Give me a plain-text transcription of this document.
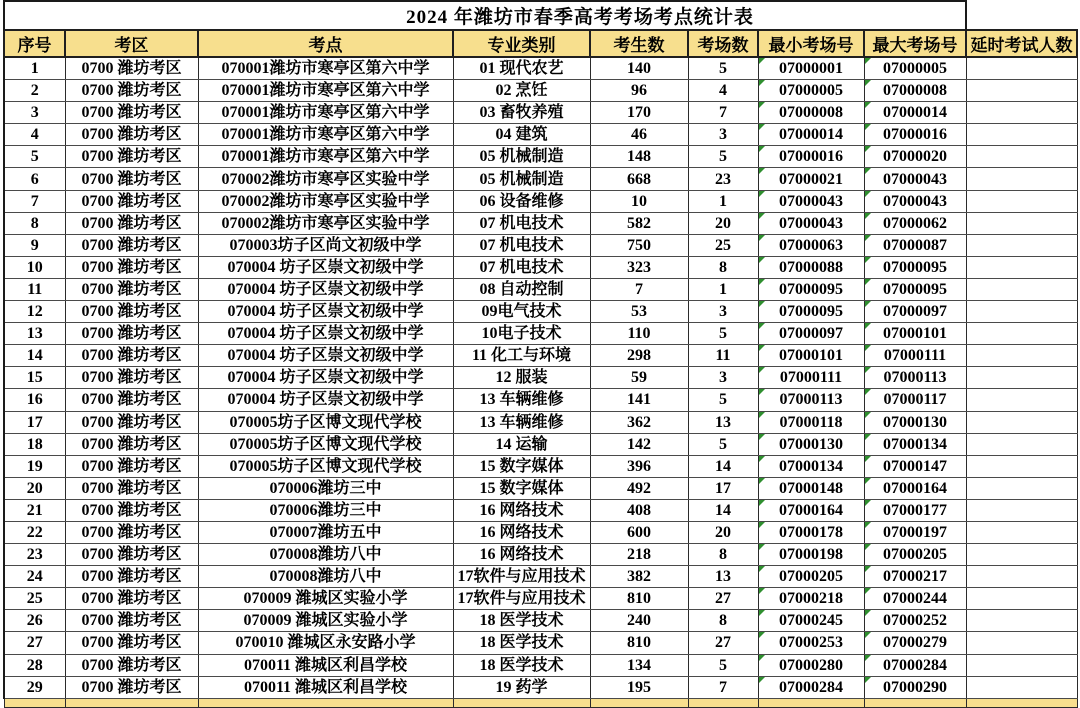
2024 年潍坊市春季高考考场考点统计表								
序号	考区	考点	专业类别	考生数	考场数	最小考场号	最大考场号	延时考试人数
1	0700 潍坊考区	070001潍坊市寒亭区第六中学	01 现代农艺	140	5	07000001	07000005	
2	0700 潍坊考区	070001潍坊市寒亭区第六中学	02 烹饪	96	4	07000005	07000008	
3	0700 潍坊考区	070001潍坊市寒亭区第六中学	03 畜牧养殖	170	7	07000008	07000014	
4	0700 潍坊考区	070001潍坊市寒亭区第六中学	04 建筑	46	3	07000014	07000016	
5	0700 潍坊考区	070001潍坊市寒亭区第六中学	05 机械制造	148	5	07000016	07000020	
6	0700 潍坊考区	070002潍坊市寒亭区实验中学	05 机械制造	668	23	07000021	07000043	
7	0700 潍坊考区	070002潍坊市寒亭区实验中学	06 设备维修	10	1	07000043	07000043	
8	0700 潍坊考区	070002潍坊市寒亭区实验中学	07 机电技术	582	20	07000043	07000062	
9	0700 潍坊考区	070003坊子区尚文初级中学	07 机电技术	750	25	07000063	07000087	
10	0700 潍坊考区	070004 坊子区崇文初级中学	07 机电技术	323	8	07000088	07000095	
11	0700 潍坊考区	070004 坊子区崇文初级中学	08 自动控制	7	1	07000095	07000095	
12	0700 潍坊考区	070004 坊子区崇文初级中学	09电气技术	53	3	07000095	07000097	
13	0700 潍坊考区	070004 坊子区崇文初级中学	10电子技术	110	5	07000097	07000101	
14	0700 潍坊考区	070004 坊子区崇文初级中学	11 化工与环境	298	11	07000101	07000111	
15	0700 潍坊考区	070004 坊子区崇文初级中学	12 服装	59	3	07000111	07000113	
16	0700 潍坊考区	070004 坊子区崇文初级中学	13 车辆维修	141	5	07000113	07000117	
17	0700 潍坊考区	070005坊子区博文现代学校	13 车辆维修	362	13	07000118	07000130	
18	0700 潍坊考区	070005坊子区博文现代学校	14 运输	142	5	07000130	07000134	
19	0700 潍坊考区	070005坊子区博文现代学校	15 数字媒体	396	14	07000134	07000147	
20	0700 潍坊考区	070006潍坊三中	15 数字媒体	492	17	07000148	07000164	
21	0700 潍坊考区	070006潍坊三中	16 网络技术	408	14	07000164	07000177	
22	0700 潍坊考区	070007潍坊五中	16 网络技术	600	20	07000178	07000197	
23	0700 潍坊考区	070008潍坊八中	16 网络技术	218	8	07000198	07000205	
24	0700 潍坊考区	070008潍坊八中	17软件与应用技术	382	13	07000205	07000217	
25	0700 潍坊考区	070009 潍城区实验小学	17软件与应用技术	810	27	07000218	07000244	
26	0700 潍坊考区	070009 潍城区实验小学	18 医学技术	240	8	07000245	07000252	
27	0700 潍坊考区	070010 潍城区永安路小学	18 医学技术	810	27	07000253	07000279	
28	0700 潍坊考区	070011 潍城区利昌学校	18 医学技术	134	5	07000280	07000284	
29	0700 潍坊考区	070011 潍城区利昌学校	19 药学	195	7	07000284	07000290	
